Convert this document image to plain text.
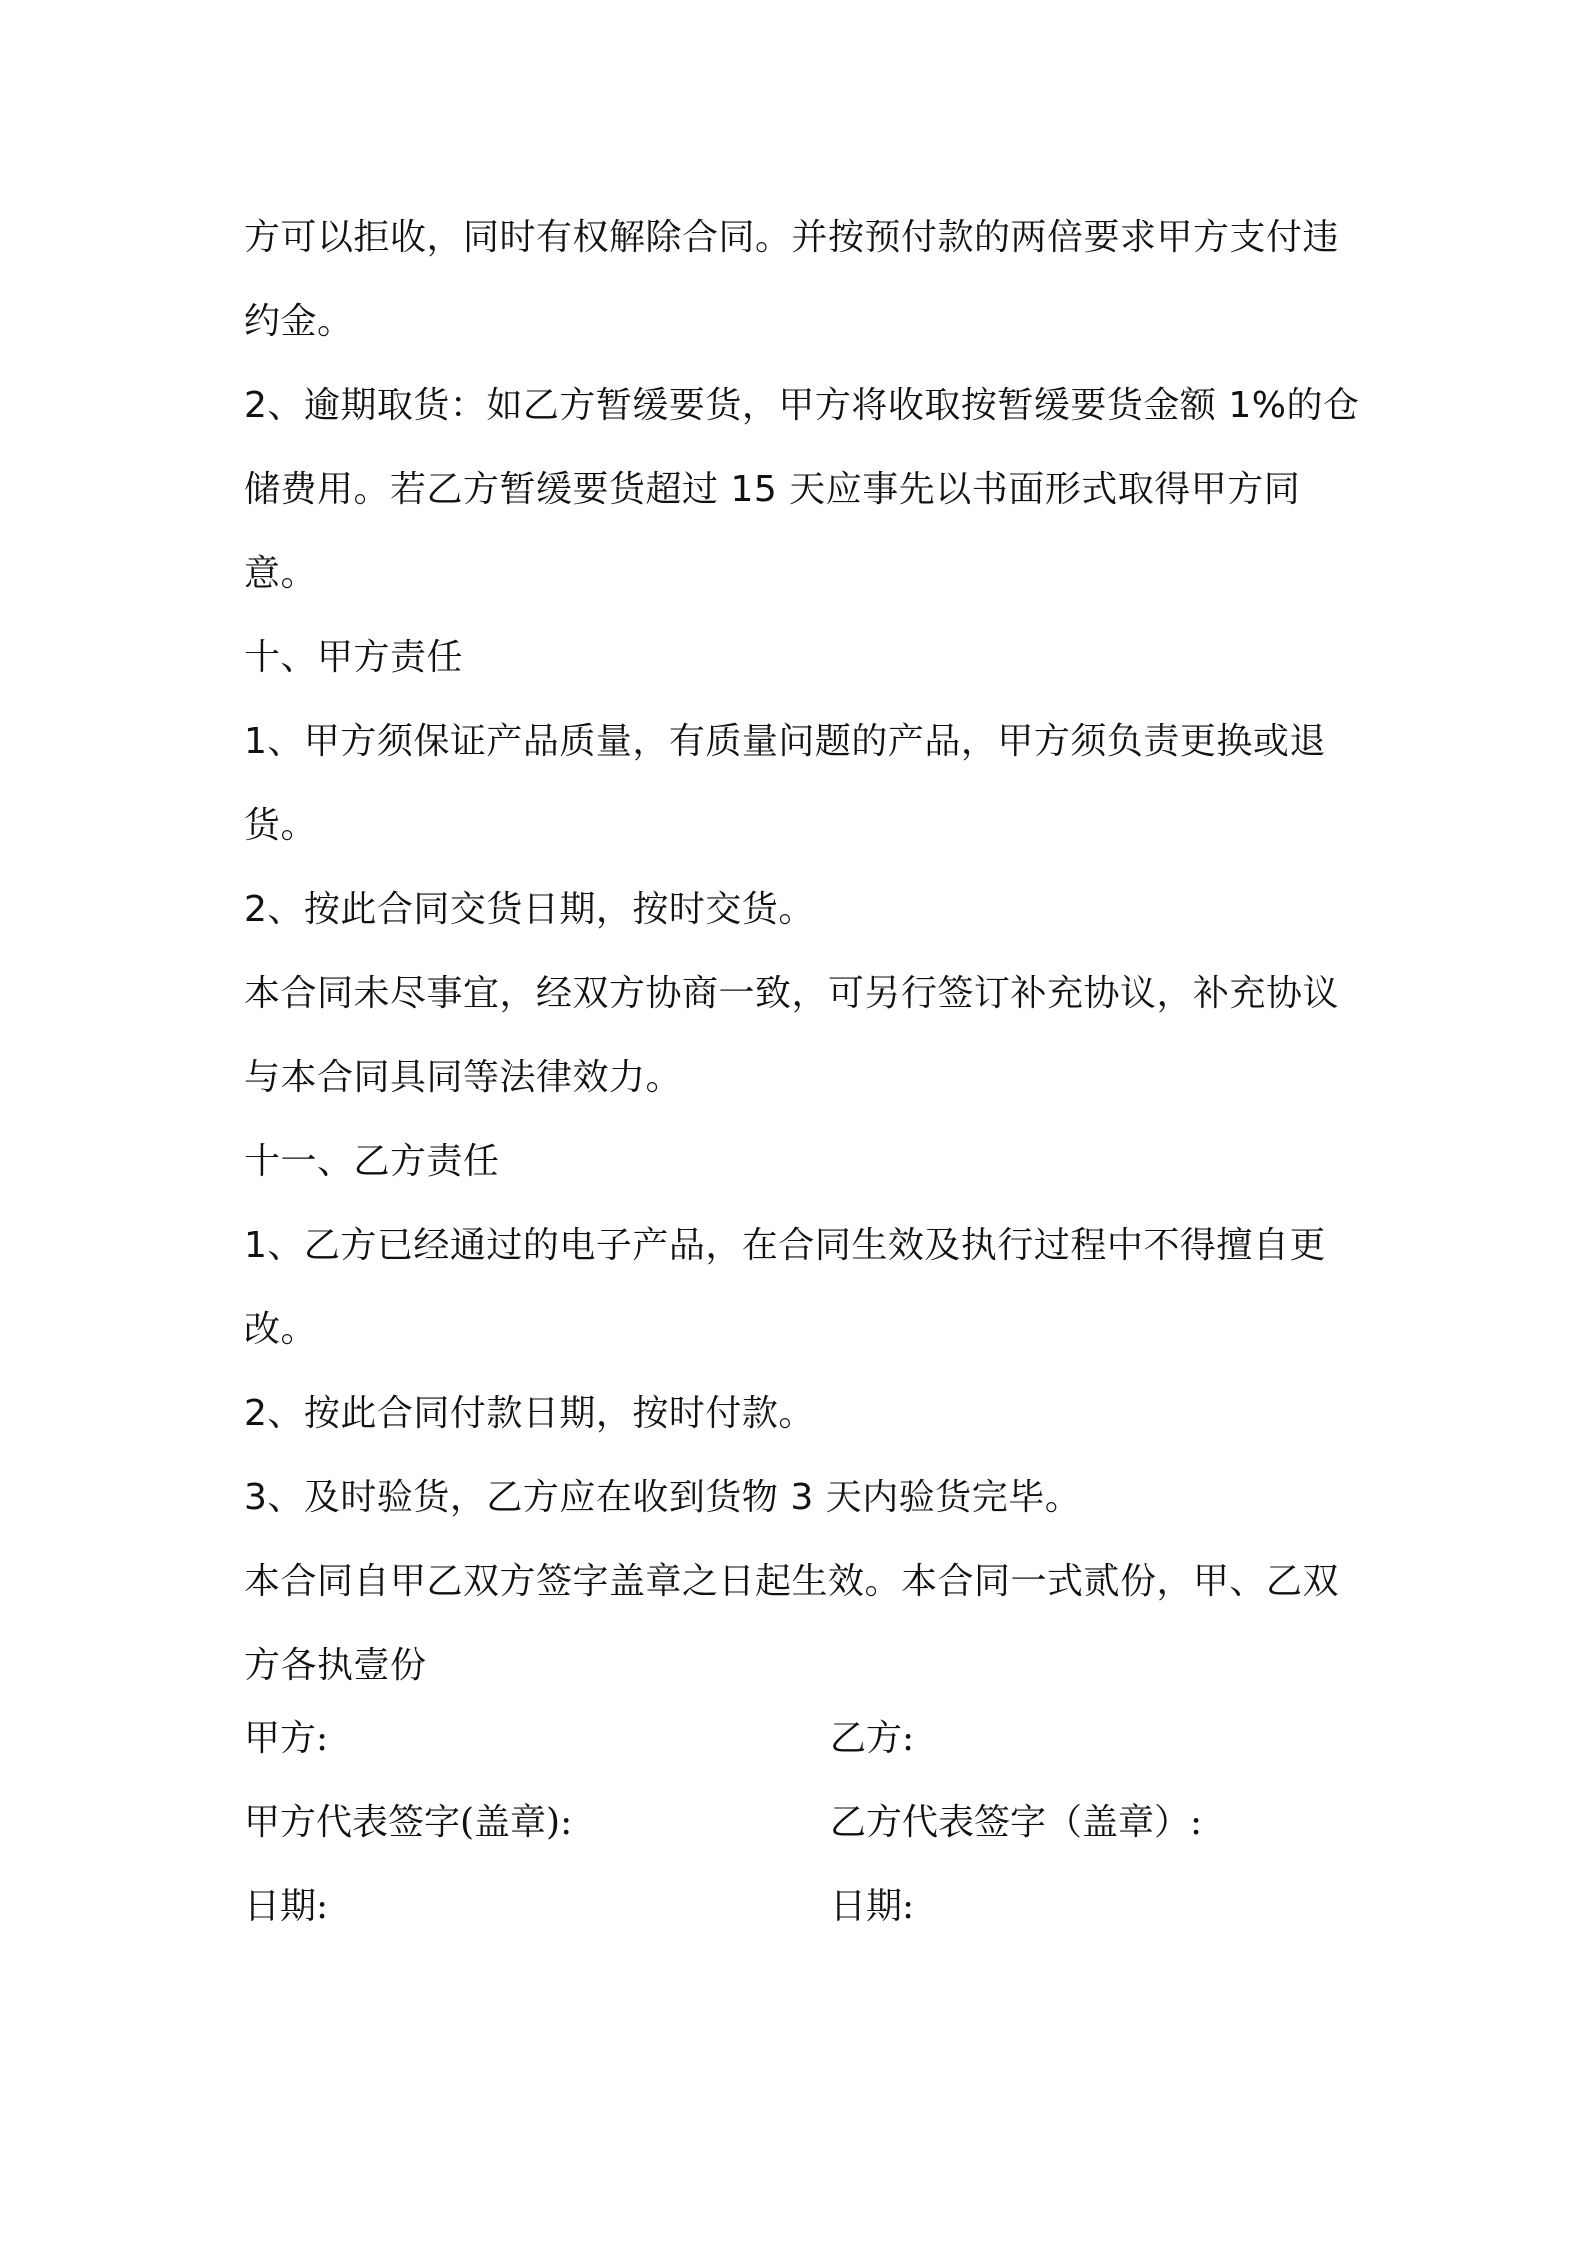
方可以拒收，同时有权解除合同。并按预付款的两倍要求甲方支付违约金。

2、逾期取货：如乙方暂缓要货，甲方将收取按暂缓要货金额 1%的仓储费用。若乙方暂缓要货超过 15 天应事先以书面形式取得甲方同意。

十、甲方责任

1、甲方须保证产品质量，有质量问题的产品，甲方须负责更换或退货。

2、按此合同交货日期，按时交货。

本合同未尽事宜，经双方协商一致，可另行签订补充协议，补充协议与本合同具同等法律效力。

十一、乙方责任

1、乙方已经通过的电子产品，在合同生效及执行过程中不得擅自更改。

2、按此合同付款日期，按时付款。

3、及时验货，乙方应在收到货物 3 天内验货完毕。

本合同自甲乙双方签字盖章之日起生效。本合同一式贰份，甲、乙双方各执壹份

甲方:	乙方:
甲方代表签字(盖章):	乙方代表签字（盖章）:
日期:	日期:
